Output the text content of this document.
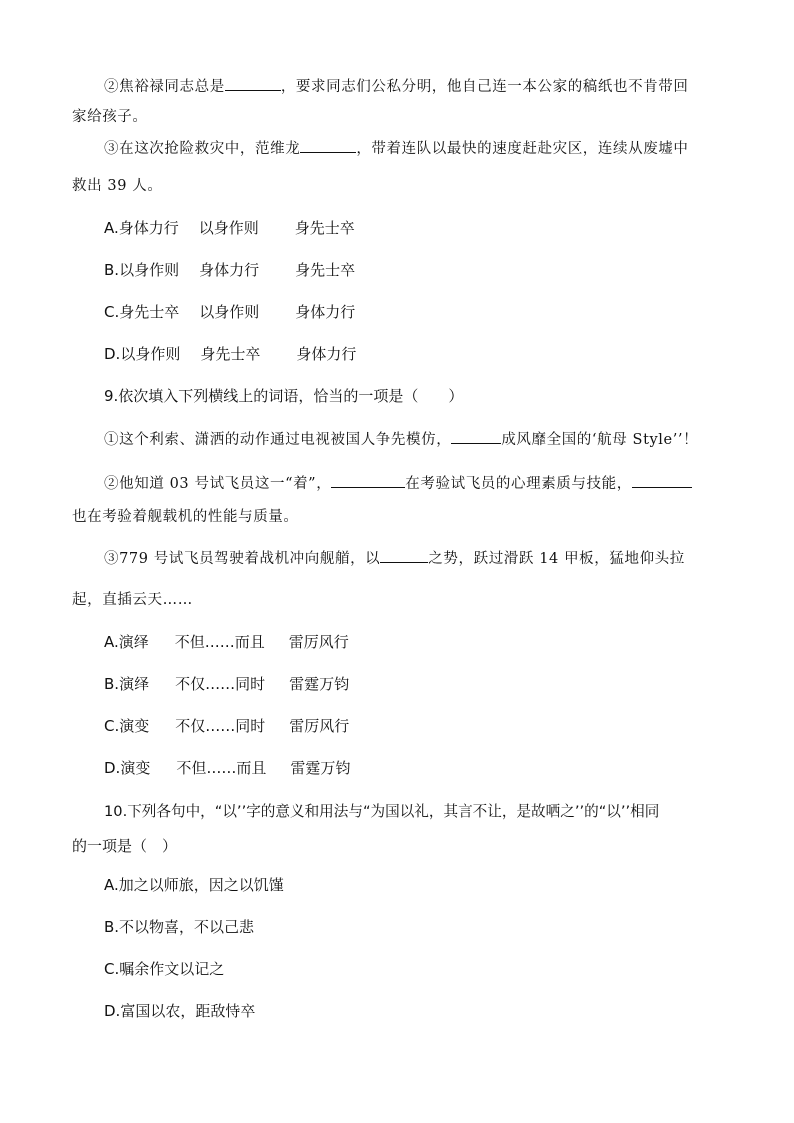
②焦裕禄同志总是	，要求同志们公私分明，他自己连一本公家的稿纸也不肯带回
家给孩子。
③在这次抢险救灾中，范维龙	，带着连队以最快的速度赶赴灾区，连续从废墟中
救出 39 人。
A.身体力行 以身作则 身先士卒
B.以身作则 身体力行 身先士卒
C.身先士卒 以身作则 身体力行
D.以身作则 身先士卒 身体力行
9.依次填入下列横线上的词语，恰当的一项是（　　）
①这个利索、潇洒的动作通过电视被国人争先模仿，	成风靡全国的‘航母 Style’’！
②他知道 03 号试飞员这一“着”，	在考验试飞员的心理素质与技能，
也在考验着舰载机的性能与质量。
③779 号试飞员驾驶着战机冲向舰艏，以	之势，跃过滑跃 14 甲板，猛地仰头拉
起，直插云天……
A.演绎 不但……而且 雷厉风行
B.演绎 不仅……同时 雷霆万钧
C.演变 不仅……同时 雷厉风行
D.演变 不但……而且 雷霆万钧
10.下列各句中，“以’’字的意义和用法与“为国以礼，其言不让，是故哂之’’的“以’’相同
的一项是（　）
A.加之以师旅，因之以饥馑
B.不以物喜，不以己悲
C.嘱余作文以记之
D.富国以农，距敌恃卒
